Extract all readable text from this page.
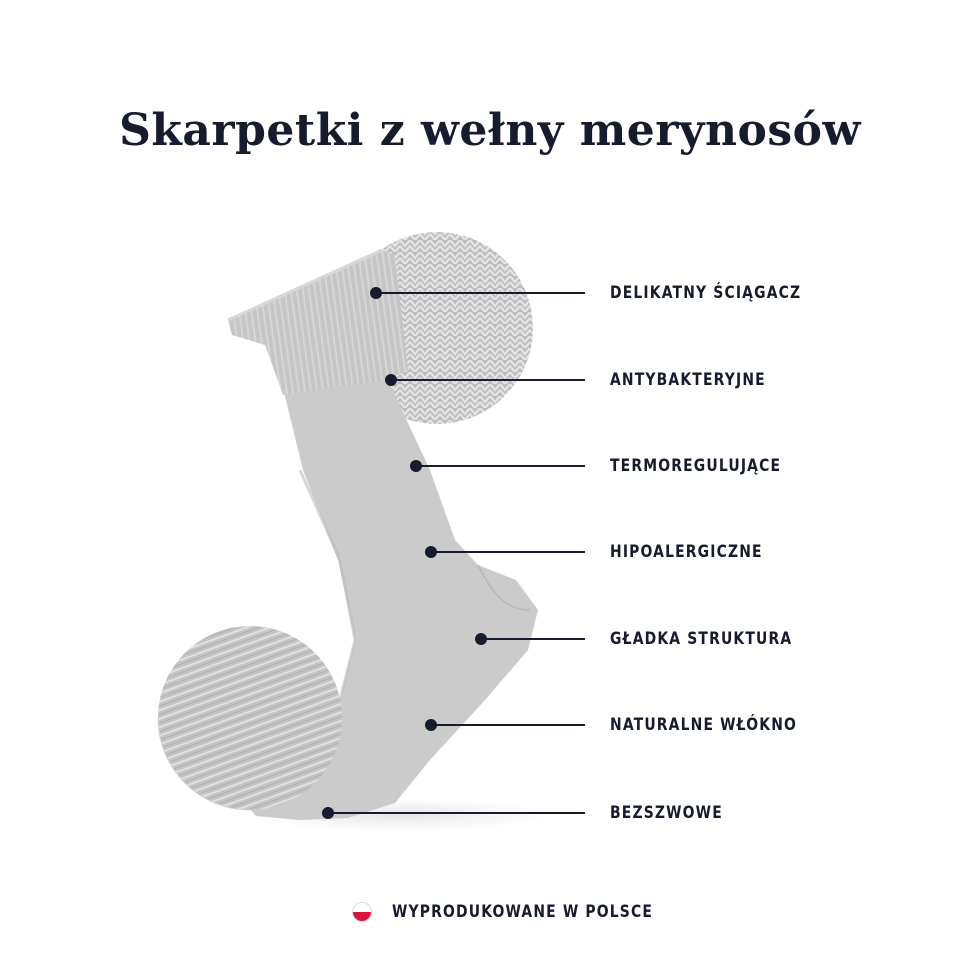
Skarpetki z wełny merynosów
DELIKATNY ŚCIĄGACZ
ANTYBAKTERYJNE
TERMOREGULUJĄCE
HIPOALERGICZNE
GŁADKA STRUKTURA
NATURALNE WŁÓKNO
BEZSZWOWE
WYPRODUKOWANE W POLSCE
